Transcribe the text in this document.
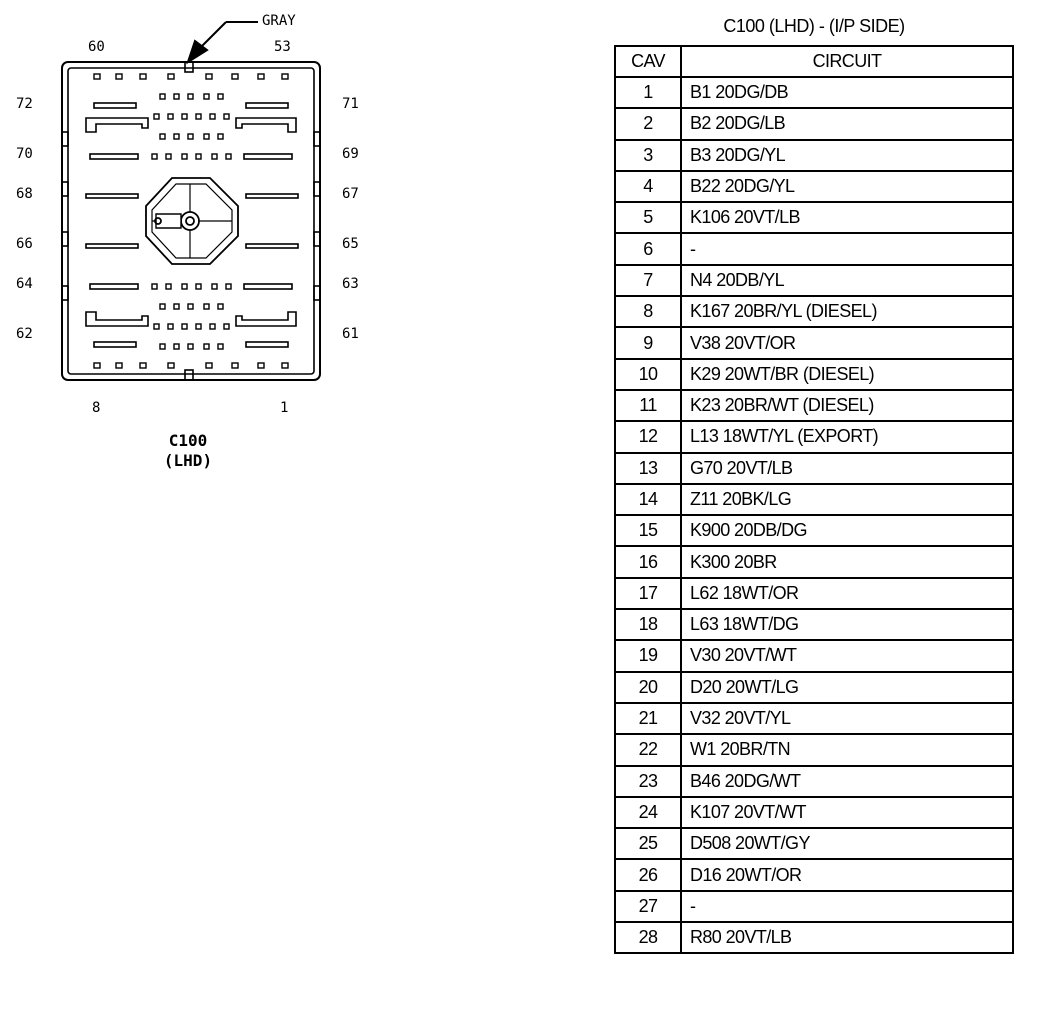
GRAY
60	53
8	1
72
70
68
66
64
62
71
69
67
65
63
61
C100
(LHD)
C100 (LHD) - (I/P SIDE)
CAV	CIRCUIT
1	B1 20DG/DB
2	B2 20DG/LB
3	B3 20DG/YL
4	B22 20DG/YL
5	K106 20VT/LB
6	-
7	N4 20DB/YL
8	K167 20BR/YL (DIESEL)
9	V38 20VT/OR
10	K29 20WT/BR (DIESEL)
11	K23 20BR/WT (DIESEL)
12	L13 18WT/YL (EXPORT)
13	G70 20VT/LB
14	Z11 20BK/LG
15	K900 20DB/DG
16	K300 20BR
17	L62 18WT/OR
18	L63 18WT/DG
19	V30 20VT/WT
20	D20 20WT/LG
21	V32 20VT/YL
22	W1 20BR/TN
23	B46 20DG/WT
24	K107 20VT/WT
25	D508 20WT/GY
26	D16 20WT/OR
27	-
28	R80 20VT/LB
